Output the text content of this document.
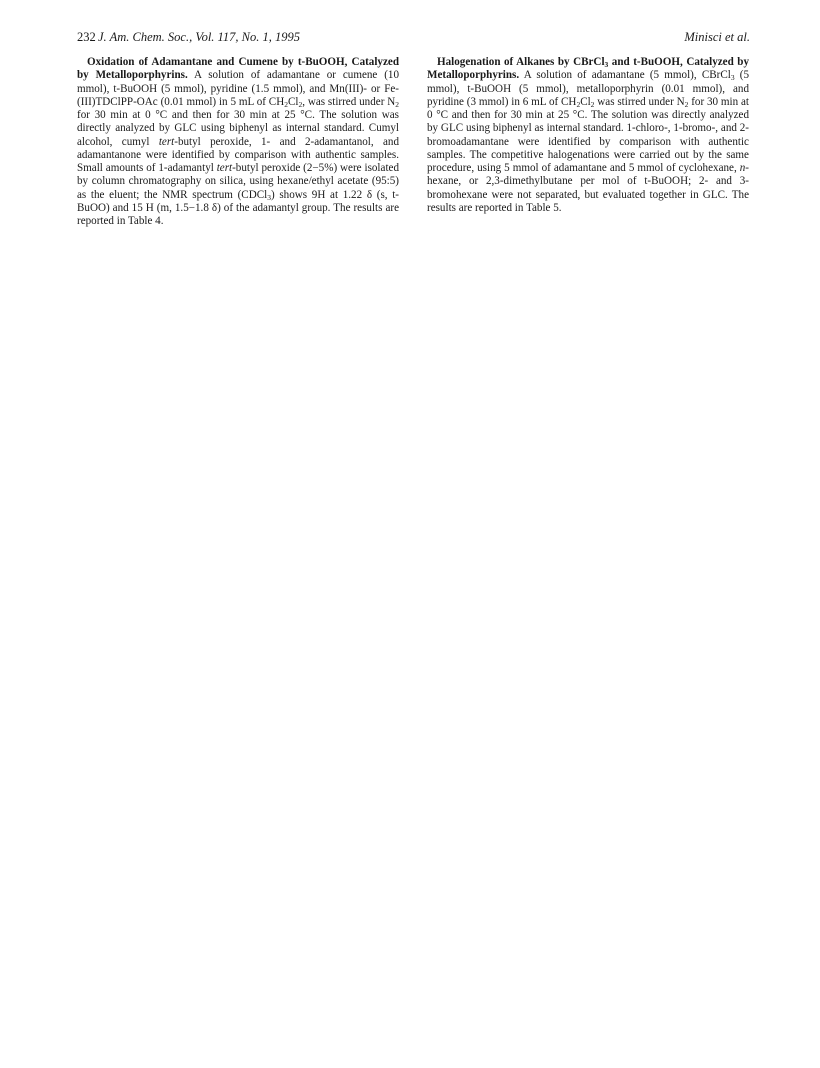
232 J. Am. Chem. Soc., Vol. 117, No. 1, 1995	Minisci et al.

Oxidation of Adamantane and Cumene by t-BuOOH, Catalyzed by Metalloporphyrins. A solution of adamantane or cumene (10 mmol), t-BuOOH (5 mmol), pyridine (1.5 mmol), and Mn(III)- or Fe-(III)TDClPP-OAc (0.01 mmol) in 5 mL of $CH_2Cl_2$, was stirred under $N_2$ for 30 min at 0 °C and then for 30 min at 25 °C. The solution was directly analyzed by GLC using biphenyl as internal standard. Cumyl alcohol, cumyl tert-butyl peroxide, 1- and 2-adamantanol, and adamantanone were identified by comparison with authentic samples. Small amounts of 1-adamantyl tert-butyl peroxide (2−5%) were isolated by column chromatography on silica, using hexane/ethyl acetate (95:5) as the eluent; the NMR spectrum (CDCl$_3$) shows 9H at 1.22 δ (s, t-BuOO) and 15 H (m, 1.5−1.8 δ) of the adamantyl group. The results are reported in Table 4.

Halogenation of Alkanes by CBrCl$_3$ and t-BuOOH, Catalyzed by Metalloporphyrins. A solution of adamantane (5 mmol), CBrCl$_3$ (5 mmol), t-BuOOH (5 mmol), metalloporphyrin (0.01 mmol), and pyridine (3 mmol) in 6 mL of $CH_2Cl_2$ was stirred under $N_2$ for 30 min at 0 °C and then for 30 min at 25 °C. The solution was directly analyzed by GLC using biphenyl as internal standard. 1-chloro-, 1-bromo-, and 2-bromoadamantane were identified by comparison with authentic samples. The competitive halogenations were carried out by the same procedure, using 5 mmol of adamantane and 5 mmol of cyclohexane, n-hexane, or 2,3-dimethylbutane per mol of t-BuOOH; 2- and 3-bromohexane were not separated, but evaluated together in GLC. The results are reported in Table 5.
